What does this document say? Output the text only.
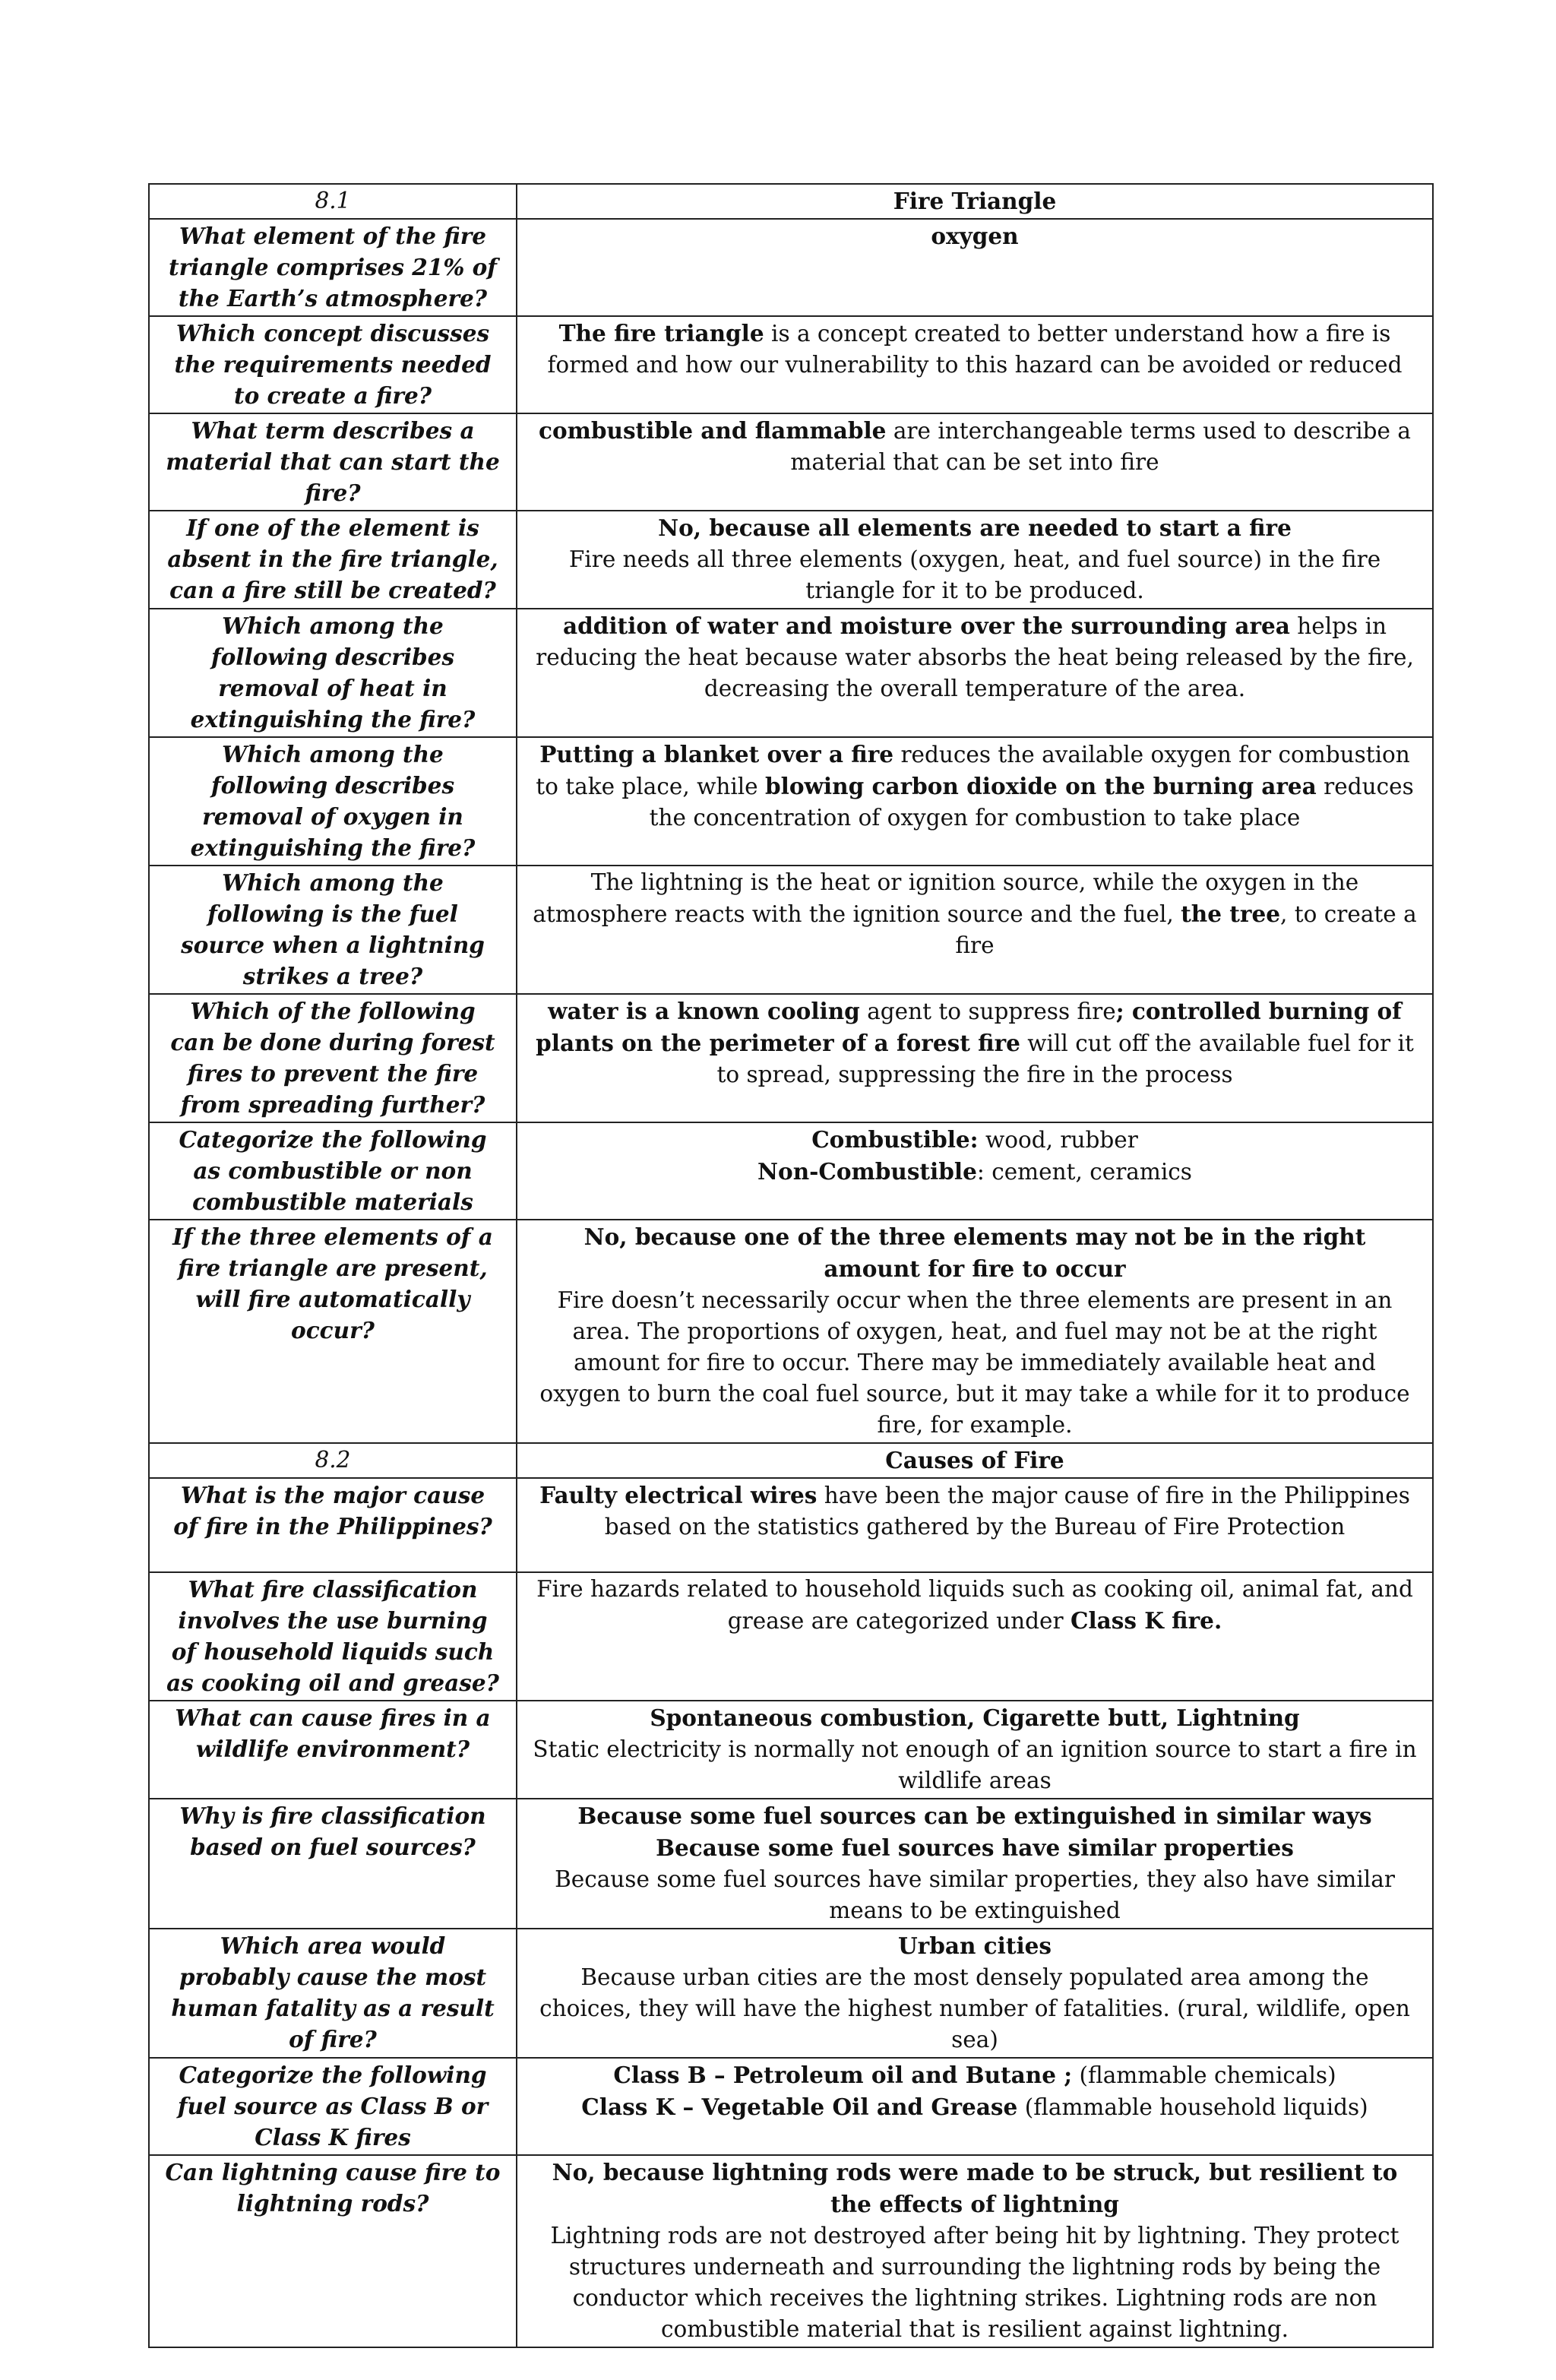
8.1	Fire Triangle
What element of the fire triangle comprises 21% of the Earth’s atmosphere?	oxygen

Which concept discusses the requirements needed to create a fire?	The fire triangle is a concept created to better understand how a fire is formed and how our vulnerability to this hazard can be avoided or reduced

What term describes a material that can start the fire?	combustible and flammable are interchangeable terms used to describe a material that can be set into fire

If one of the element is absent in the fire triangle, can a fire still be created?	No, because all elements are needed to start a fire
Fire needs all three elements (oxygen, heat, and fuel source) in the fire triangle for it to be produced.

Which among the following describes removal of heat in extinguishing the fire?	addition of water and moisture over the surrounding area helps in reducing the heat because water absorbs the heat being released by the fire, decreasing the overall temperature of the area.

Which among the following describes removal of oxygen in extinguishing the fire?	Putting a blanket over a fire reduces the available oxygen for combustion to take place, while blowing carbon dioxide on the burning area reduces the concentration of oxygen for combustion to take place

Which among the following is the fuel source when a lightning strikes a tree?	The lightning is the heat or ignition source, while the oxygen in the atmosphere reacts with the ignition source and the fuel, the tree, to create a fire

Which of the following can be done during forest fires to prevent the fire from spreading further?	water is a known cooling agent to suppress fire; controlled burning of plants on the perimeter of a forest fire will cut off the available fuel for it to spread, suppressing the fire in the process

Categorize the following as combustible or non combustible materials	Combustible: wood, rubber
Non-Combustible: cement, ceramics

If the three elements of a fire triangle are present, will fire automatically occur?	No, because one of the three elements may not be in the right amount for fire to occur
Fire doesn’t necessarily occur when the three elements are present in an area. The proportions of oxygen, heat, and fuel may not be at the right amount for fire to occur. There may be immediately available heat and oxygen to burn the coal fuel source, but it may take a while for it to produce fire, for example.

8.2	Causes of Fire
What is the major cause of fire in the Philippines?	Faulty electrical wires have been the major cause of fire in the Philippines based on the statistics gathered by the Bureau of Fire Protection

What fire classification involves the use burning of household liquids such as cooking oil and grease?	Fire hazards related to household liquids such as cooking oil, animal fat, and grease are categorized under Class K fire.

What can cause fires in a wildlife environment?	Spontaneous combustion, Cigarette butt, Lightning
Static electricity is normally not enough of an ignition source to start a fire in wildlife areas

Why is fire classification based on fuel sources?	Because some fuel sources can be extinguished in similar ways
Because some fuel sources have similar properties
Because some fuel sources have similar properties, they also have similar means to be extinguished

Which area would probably cause the most human fatality as a result of fire?	Urban cities
Because urban cities are the most densely populated area among the choices, they will have the highest number of fatalities. (rural, wildlife, open sea)

Categorize the following fuel source as Class B or Class K fires	Class B – Petroleum oil and Butane ; (flammable chemicals)
Class K – Vegetable Oil and Grease (flammable household liquids)

Can lightning cause fire to lightning rods?	No, because lightning rods were made to be struck, but resilient to the effects of lightning
Lightning rods are not destroyed after being hit by lightning. They protect structures underneath and surrounding the lightning rods by being the conductor which receives the lightning strikes. Lightning rods are non combustible material that is resilient against lightning.
